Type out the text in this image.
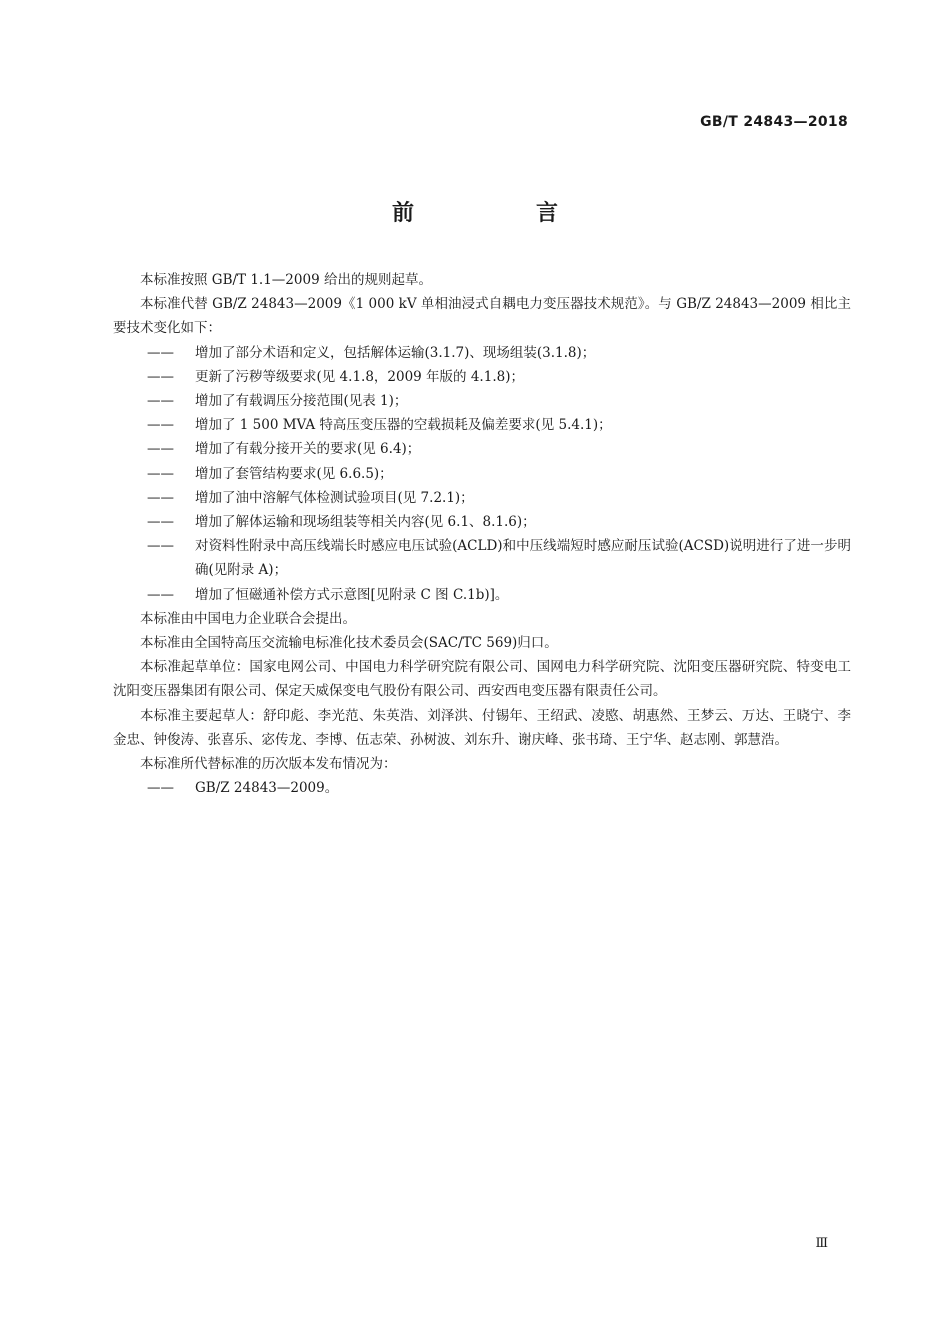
GB/T 24843—2018
前　言

本标准按照 GB/T 1.1—2009 给出的规则起草。

本标准代替 GB/Z 24843—2009《1 000 kV 单相油浸式自耦电力变压器技术规范》。与 GB/Z 24843—2009 相比主要技术变化如下：

—— 增加了部分术语和定义，包括解体运输(3.1.7)、现场组装(3.1.8)；

—— 更新了污秽等级要求(见 4.1.8，2009 年版的 4.1.8)；

—— 增加了有载调压分接范围(见表 1)；

—— 增加了 1 500 MVA 特高压变压器的空载损耗及偏差要求(见 5.4.1)；

—— 增加了有载分接开关的要求(见 6.4)；

—— 增加了套管结构要求(见 6.6.5)；

—— 增加了油中溶解气体检测试验项目(见 7.2.1)；

—— 增加了解体运输和现场组装等相关内容(见 6.1、8.1.6)；

—— 对资料性附录中高压线端长时感应电压试验(ACLD)和中压线端短时感应耐压试验(ACSD)说明进行了进一步明确(见附录 A)；

—— 增加了恒磁通补偿方式示意图[见附录 C 图 C.1b)]。

本标准由中国电力企业联合会提出。

本标准由全国特高压交流输电标准化技术委员会(SAC/TC 569)归口。

本标准起草单位：国家电网公司、中国电力科学研究院有限公司、国网电力科学研究院、沈阳变压器研究院、特变电工沈阳变压器集团有限公司、保定天威保变电气股份有限公司、西安西电变压器有限责任公司。

本标准主要起草人：舒印彪、李光范、朱英浩、刘泽洪、付锡年、王绍武、凌愍、胡惠然、王梦云、万达、王晓宁、李金忠、钟俊涛、张喜乐、宓传龙、李博、伍志荣、孙树波、刘东升、谢庆峰、张书琦、王宁华、赵志刚、郭慧浩。

本标准所代替标准的历次版本发布情况为：

—— GB/Z 24843—2009。

Ⅲ
